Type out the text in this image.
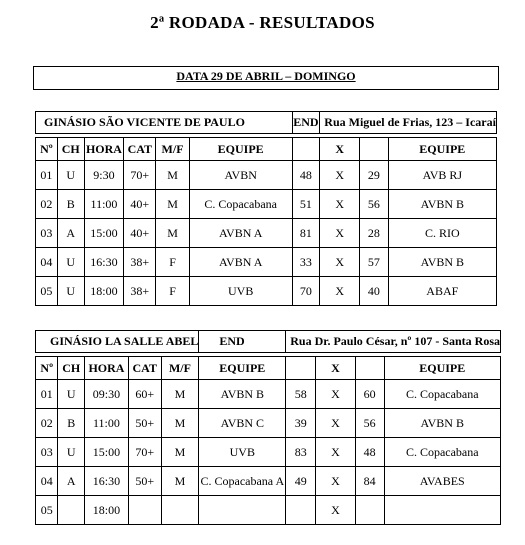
2ª RODADA - RESULTADOS
DATA 29 DE ABRIL – DOMINGO
GINÁSIO SÃO VICENTE DE PAULO						END	Rua Miguel de Frias, 123 – Icaraí		

Nº	CH	HORA	CAT	M/F	EQUIPE		X		EQUIPE
01	U	9:30	70+	M	AVBN	48	X	29	AVB RJ
02	B	11:00	40+	M	C. Copacabana	51	X	56	AVBN B
03	A	15:00	40+	M	AVBN A	81	X	28	C. RIO
04	U	16:30	38+	F	AVBN A	33	X	57	AVBN B
05	U	18:00	38+	F	UVB	70	X	40	ABAF
GINÁSIO LA SALLE ABEL					END	Rua Dr. Paulo César, nº 107 - Santa Rosa			

Nº	CH	HORA	CAT	M/F	EQUIPE		X		EQUIPE
01	U	09:30	60+	M	AVBN B	58	X	60	C. Copacabana
02	B	11:00	50+	M	AVBN C	39	X	56	AVBN B
03	U	15:00	70+	M	UVB	83	X	48	C. Copacabana
04	A	16:30	50+	M	C. Copacabana A	49	X	84	AVABES
05		18:00					X		
